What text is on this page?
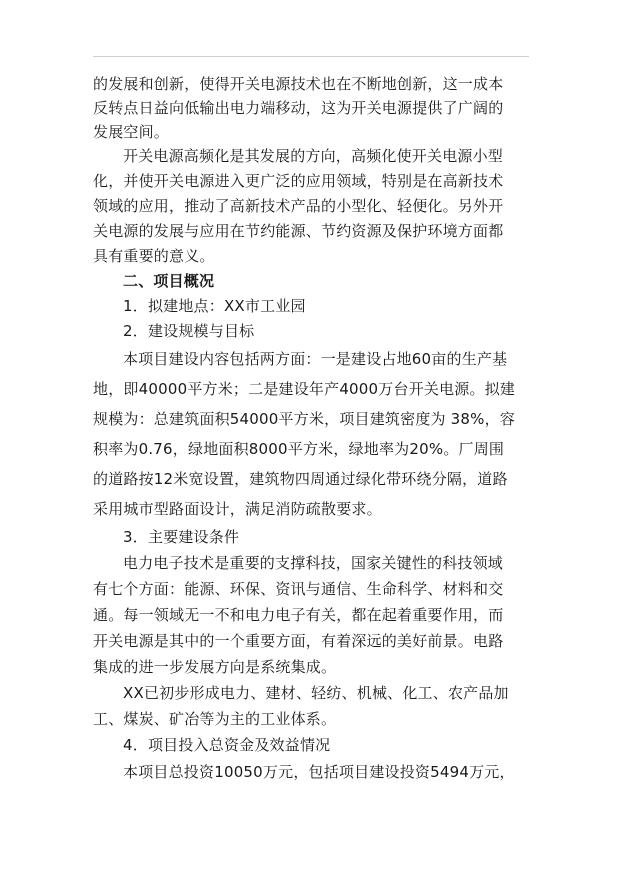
的发展和创新，使得开关电源技术也在不断地创新，这一成本
反转点日益向低输出电力端移动，这为开关电源提供了广阔的
发展空间。
开关电源高频化是其发展的方向，高频化使开关电源小型
化，并使开关电源进入更广泛的应用领域，特别是在高新技术
领域的应用，推动了高新技术产品的小型化、轻便化。另外开
关电源的发展与应用在节约能源、节约资源及保护环境方面都
具有重要的意义。
二、项目概况
1．拟建地点：XX市工业园
2．建设规模与目标
本项目建设内容包括两方面：一是建设占地60亩的生产基
地，即40000平方米；二是建设年产4000万台开关电源。拟建
规模为：总建筑面积54000平方米，项目建筑密度为 38%，容
积率为0.76，绿地面积8000平方米，绿地率为20%。厂周围
的道路按12米宽设置，建筑物四周通过绿化带环绕分隔，道路
采用城市型路面设计，满足消防疏散要求。
3．主要建设条件
电力电子技术是重要的支撑科技，国家关键性的科技领域
有七个方面：能源、环保、资讯与通信、生命科学、材料和交
通。每一领域无一不和电力电子有关，都在起着重要作用，而
开关电源是其中的一个重要方面，有着深远的美好前景。电路
集成的进一步发展方向是系统集成。
XX已初步形成电力、建材、轻纺、机械、化工、农产品加
工、煤炭、矿冶等为主的工业体系。
4．项目投入总资金及效益情况
本项目总投资10050万元，包括项目建设投资5494万元，
